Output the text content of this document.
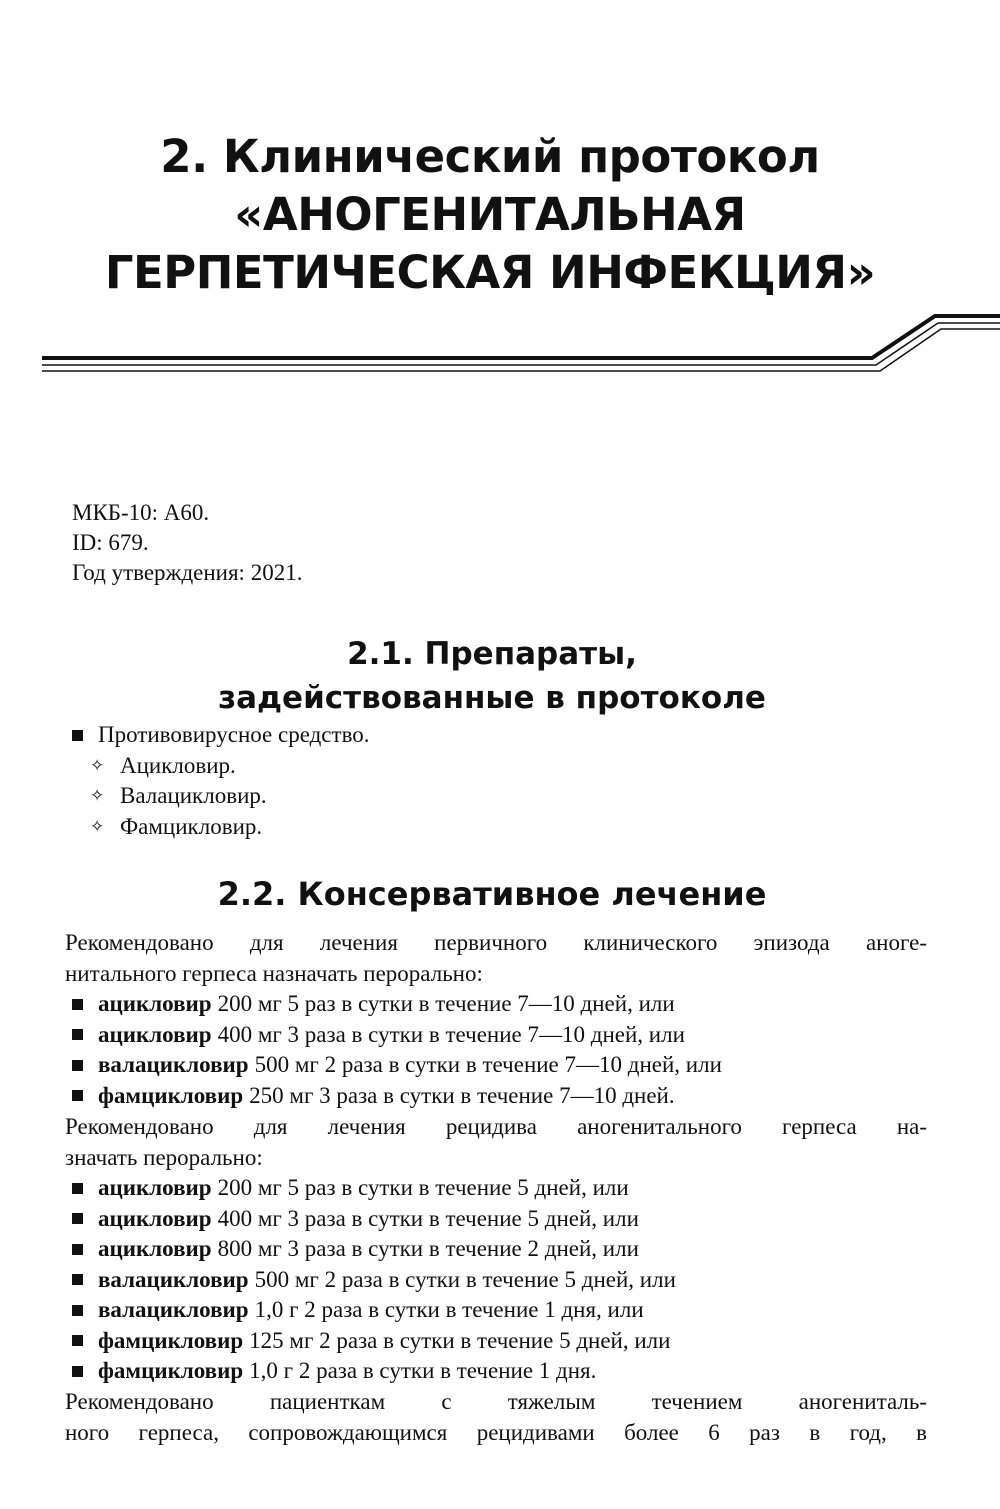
2. Клинический протокол
«АНОГЕНИТАЛЬНАЯ
ГЕРПЕТИЧЕСКАЯ ИНФЕКЦИЯ»
МКБ-10: А60.
ID: 679.
Год утверждения: 2021.
2.1. Препараты,
задействованные в протоколе
Противовирусное средство.
✧ Ацикловир.
✧ Валацикловир.
✧ Фамцикловир.
2.2. Консервативное лечение
Рекомендовано для лечения первичного клинического эпизода аноге-
нитального герпеса назначать перорально:
ацикловир 200 мг 5 раз в сутки в течение 7—10 дней, или
ацикловир 400 мг 3 раза в сутки в течение 7—10 дней, или
валацикловир 500 мг 2 раза в сутки в течение 7—10 дней, или
фамцикловир 250 мг 3 раза в сутки в течение 7—10 дней.
Рекомендовано для лечения рецидива аногенитального герпеса на-
значать перорально:
ацикловир 200 мг 5 раз в сутки в течение 5 дней, или
ацикловир 400 мг 3 раза в сутки в течение 5 дней, или
ацикловир 800 мг 3 раза в сутки в течение 2 дней, или
валацикловир 500 мг 2 раза в сутки в течение 5 дней, или
валацикловир 1,0 г 2 раза в сутки в течение 1 дня, или
фамцикловир 125 мг 2 раза в сутки в течение 5 дней, или
фамцикловир 1,0 г 2 раза в сутки в течение 1 дня.
Рекомендовано пациенткам с тяжелым течением аногениталь-
ного герпеса, сопровождающимся рецидивами более 6 раз в год, в
